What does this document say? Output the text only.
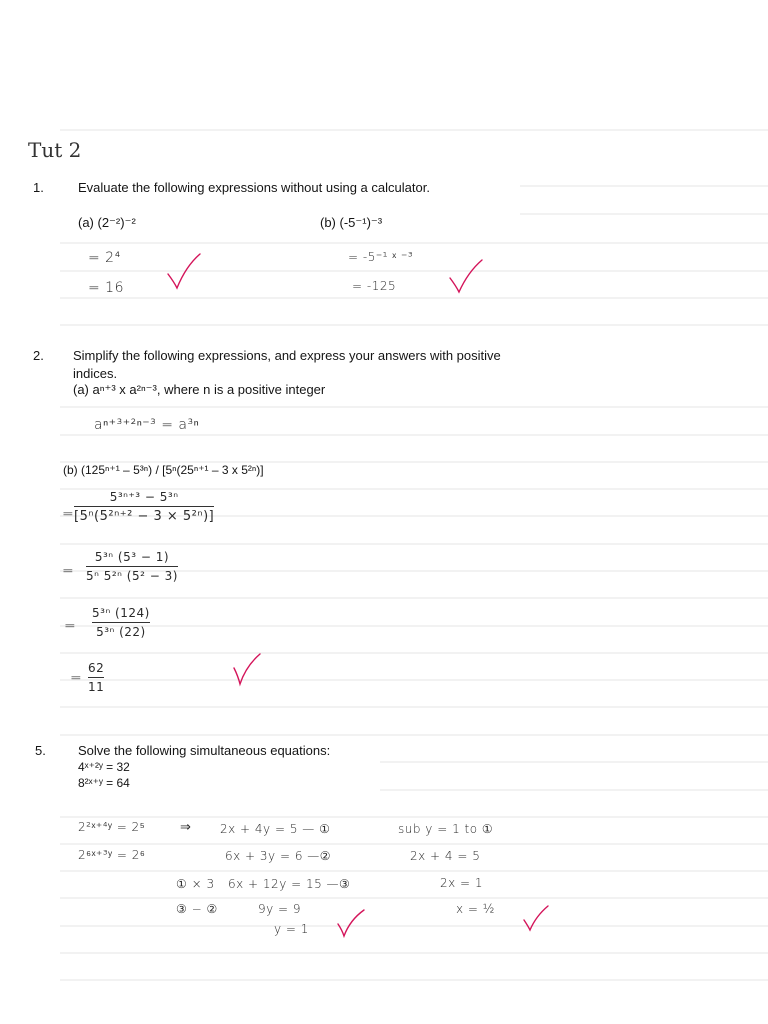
Tut 2
1.	Evaluate the following expressions without using a calculator.
(a) (2⁻²)⁻²	(b) (-5⁻¹)⁻³
= 2⁴
= 16
= -5⁻¹ ˣ ⁻³
= -125
2. Simplify the following expressions, and express your answers with positive
indices.
(a) aⁿ⁺³ x a²ⁿ⁻³, where n is a positive integer
aⁿ⁺³⁺²ⁿ⁻³ = a³ⁿ
(b) (125ⁿ⁺¹ – 5³ⁿ) / [5ⁿ(25ⁿ⁺¹ – 3 x 5²ⁿ)]
=
5³ⁿ⁺³ − 5³ⁿ
[5ⁿ(5²ⁿ⁺² − 3 × 5²ⁿ)]
=
5³ⁿ (5³ − 1)
5ⁿ 5²ⁿ (5² − 3)
=
5³ⁿ (124)
5³ⁿ (22)
=
62
11
5. Solve the following simultaneous equations:
4ˣ⁺²ʸ = 32
8²ˣ⁺ʸ = 64
2²ˣ⁺⁴ʸ = 2⁵
2⁶ˣ⁺³ʸ = 2⁶
⇒ 2x + 4y = 5 — ①
6x + 3y = 6 —②
① × 3 6x + 12y = 15 —③
③ − ②	9y = 9
y = 1
sub y = 1 to ①
2x + 4 = 5
2x = 1
x = ½
